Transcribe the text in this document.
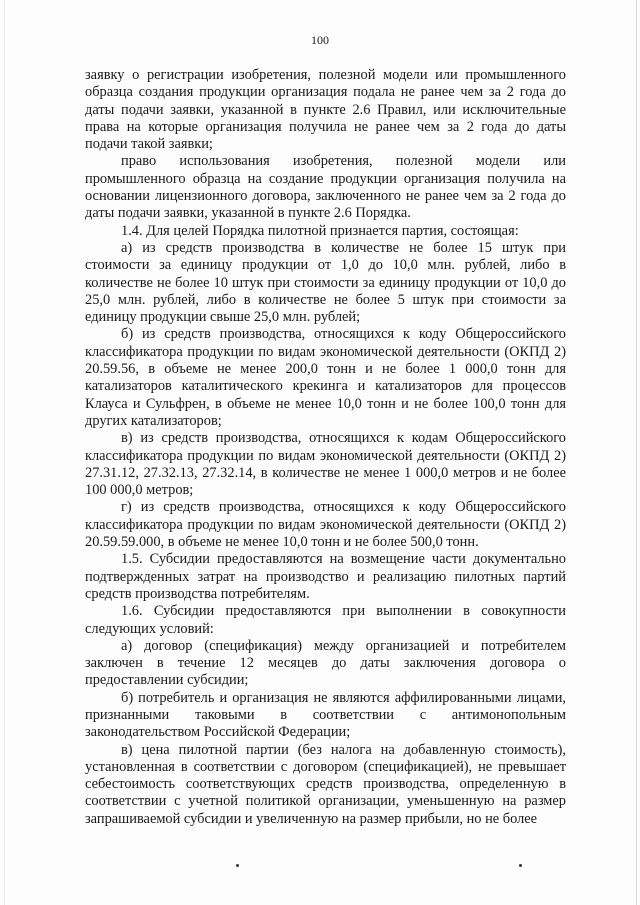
100

заявку о регистрации изобретения, полезной модели или промышленного образца создания продукции организация подала не ранее чем за 2 года до даты подачи заявки, указанной в пункте 2.6 Правил, или исключительные права на которые организация получила не ранее чем за 2 года до даты подачи такой заявки;

право использования изобретения, полезной модели или промышленного образца на создание продукции организация получила на основании лицензионного договора, заключенного не ранее чем за 2 года до даты подачи заявки, указанной в пункте 2.6 Порядка.

1.4. Для целей Порядка пилотной признается партия, состоящая:

а) из средств производства в количестве не более 15 штук при стоимости за единицу продукции от 1,0 до 10,0 млн. рублей, либо в количестве не более 10 штук при стоимости за единицу продукции от 10,0 до 25,0 млн. рублей, либо в количестве не более 5 штук при стоимости за единицу продукции свыше 25,0 млн. рублей;

б) из средств производства, относящихся к коду Общероссийского классификатора продукции по видам экономической деятельности (ОКПД 2) 20.59.56, в объеме не менее 200,0 тонн и не более 1 000,0 тонн для катализаторов каталитического крекинга и катализаторов для процессов Клауса и Сульфрен, в объеме не менее 10,0 тонн и не более 100,0 тонн для других катализаторов;

в) из средств производства, относящихся к кодам Общероссийского классификатора продукции по видам экономической деятельности (ОКПД 2) 27.31.12, 27.32.13, 27.32.14, в количестве не менее 1 000,0 метров и не более 100 000,0 метров;

г) из средств производства, относящихся к коду Общероссийского классификатора продукции по видам экономической деятельности (ОКПД 2) 20.59.59.000, в объеме не менее 10,0 тонн и не более 500,0 тонн.

1.5. Субсидии предоставляются на возмещение части документально подтвержденных затрат на производство и реализацию пилотных партий средств производства потребителям.

1.6. Субсидии предоставляются при выполнении в совокупности следующих условий:

а) договор (спецификация) между организацией и потребителем заключен в течение 12 месяцев до даты заключения договора о предоставлении субсидии;

б) потребитель и организация не являются аффилированными лицами, признанными таковыми в соответствии с антимонопольным законодательством Российской Федерации;

в) цена пилотной партии (без налога на добавленную стоимость), установленная в соответствии с договором (спецификацией), не превышает себестоимость соответствующих средств производства, определенную в соответствии с учетной политикой организации, уменьшенную на размер запрашиваемой субсидии и увеличенную на размер прибыли, но не более
